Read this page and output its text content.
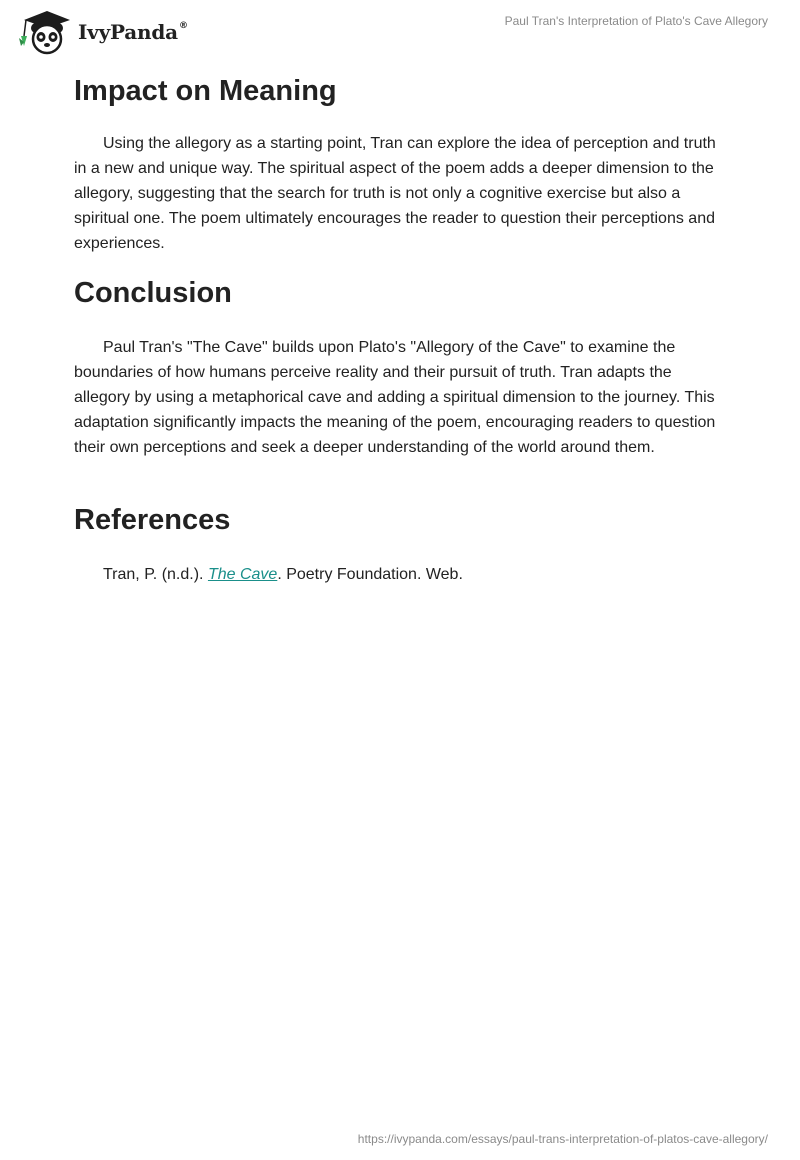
IvyPanda®	Paul Tran's Interpretation of Plato's Cave Allegory
Impact on Meaning

Using the allegory as a starting point, Tran can explore the idea of perception and truth in a new and unique way. The spiritual aspect of the poem adds a deeper dimension to the allegory, suggesting that the search for truth is not only a cognitive exercise but also a spiritual one. The poem ultimately encourages the reader to question their perceptions and experiences.

Conclusion

Paul Tran's "The Cave" builds upon Plato's "Allegory of the Cave" to examine the boundaries of how humans perceive reality and their pursuit of truth. Tran adapts the allegory by using a metaphorical cave and adding a spiritual dimension to the journey. This adaptation significantly impacts the meaning of the poem, encouraging readers to question their own perceptions and seek a deeper understanding of the world around them.

References

Tran, P. (n.d.). The Cave. Poetry Foundation. Web.

https://ivypanda.com/essays/paul-trans-interpretation-of-platos-cave-allegory/
